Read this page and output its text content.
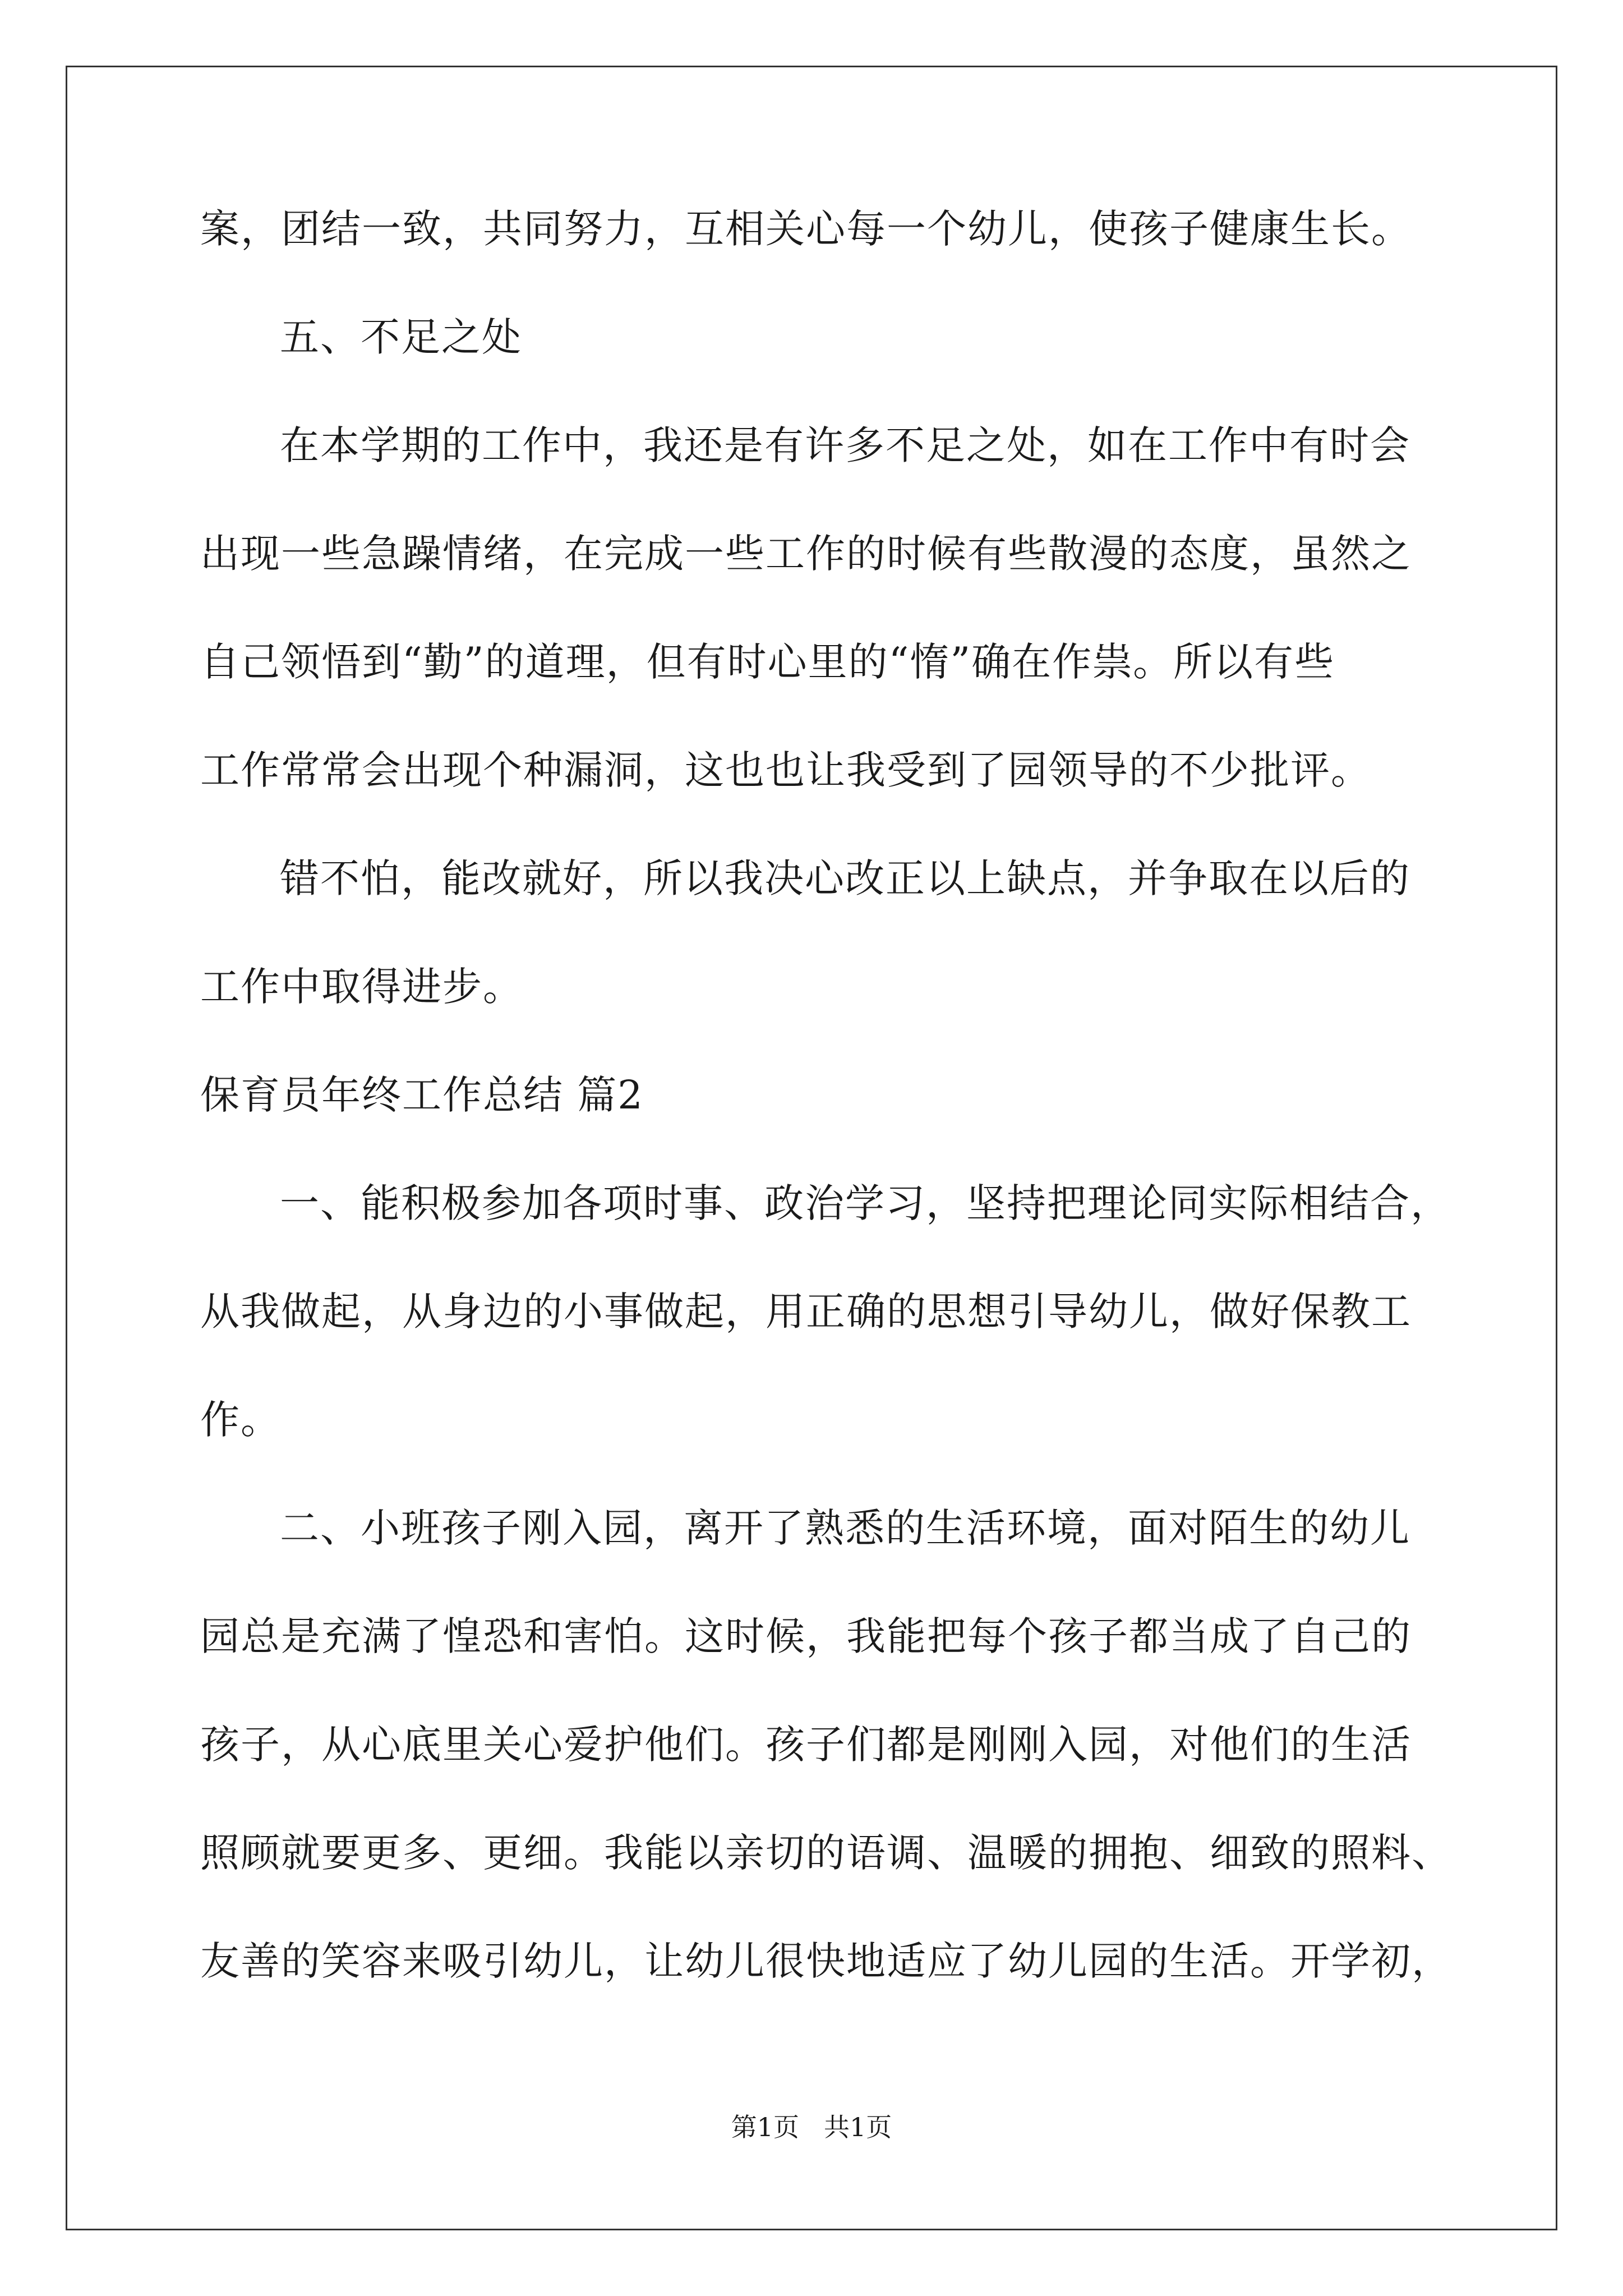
案，团结一致，共同努力，互相关心每一个幼儿，使孩子健康生长。
五、不足之处
在本学期的工作中，我还是有许多不足之处，如在工作中有时会
出现一些急躁情绪，在完成一些工作的时候有些散漫的态度，虽然之
自己领悟到“勤”的道理，但有时心里的“惰”确在作祟。所以有些
工作常常会出现个种漏洞，这也也让我受到了园领导的不少批评。
错不怕，能改就好，所以我决心改正以上缺点，并争取在以后的
工作中取得进步。
保育员年终工作总结 篇2
一、能积极参加各项时事、政治学习，坚持把理论同实际相结合，
从我做起，从身边的小事做起，用正确的思想引导幼儿，做好保教工
作。
二、小班孩子刚入园，离开了熟悉的生活环境，面对陌生的幼儿
园总是充满了惶恐和害怕。这时候，我能把每个孩子都当成了自己的
孩子，从心底里关心爱护他们。孩子们都是刚刚入园，对他们的生活
照顾就要更多、更细。我能以亲切的语调、温暖的拥抱、细致的照料、
友善的笑容来吸引幼儿，让幼儿很快地适应了幼儿园的生活。开学初，
第1页 共1页
